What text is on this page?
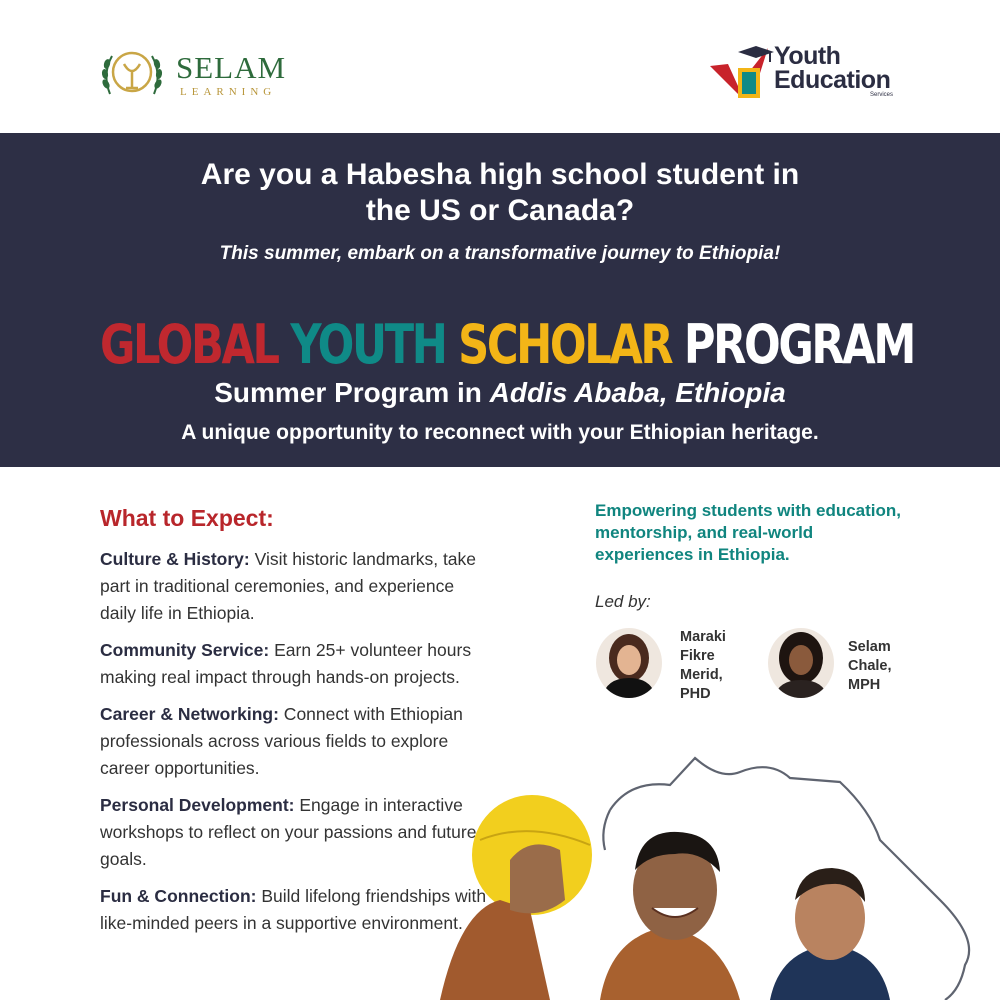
SELAM
LEARNING
Youth
Education
Services
Are you a Habesha high school student in
the US or Canada?
This summer, embark on a transformative journey to Ethiopia!
GLOBAL YOUTH SCHOLAR PROGRAM
Summer Program in Addis Ababa, Ethiopia
A unique opportunity to reconnect with your Ethiopian heritage.
What to Expect:

Culture & History: Visit historic landmarks, take part in traditional ceremonies, and experience daily life in Ethiopia.

Community Service: Earn 25+ volunteer hours making real impact through hands-on projects.

Career & Networking: Connect with Ethiopian professionals across various fields to explore career opportunities.

Personal Development: Engage in interactive workshops to reflect on your passions and future goals.

Fun & Connection: Build lifelong friendships with like-minded peers in a supportive environment.

Empowering students with education, mentorship, and real-world experiences in Ethiopia.
Led by:
Maraki
Fikre
Merid,
PHD
Selam
Chale,
MPH
